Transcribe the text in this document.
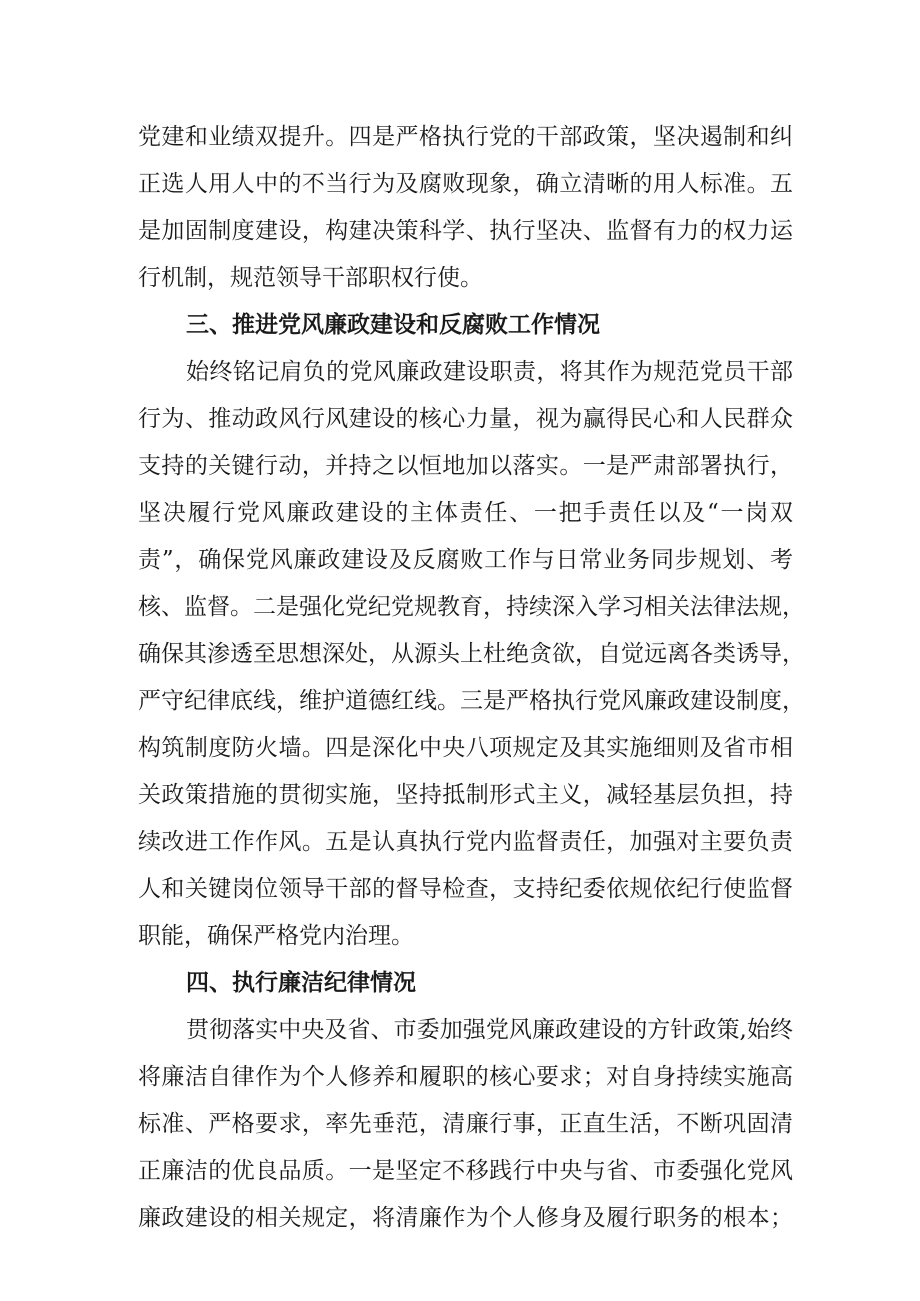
党建和业绩双提升。四是严格执行党的干部政策，坚决遏制和纠
正选人用人中的不当行为及腐败现象，确立清晰的用人标准。五
是加固制度建设，构建决策科学、执行坚决、监督有力的权力运
行机制，规范领导干部职权行使。
三、推进党风廉政建设和反腐败工作情况
始终铭记肩负的党风廉政建设职责，将其作为规范党员干部
行为、推动政风行风建设的核心力量，视为赢得民心和人民群众
支持的关键行动，并持之以恒地加以落实。一是严肃部署执行，
坚决履行党风廉政建设的主体责任、一把手责任以及“一岗双
责”，确保党风廉政建设及反腐败工作与日常业务同步规划、考
核、监督。二是强化党纪党规教育，持续深入学习相关法律法规，
确保其渗透至思想深处，从源头上杜绝贪欲，自觉远离各类诱导，
严守纪律底线，维护道德红线。三是严格执行党风廉政建设制度，
构筑制度防火墙。四是深化中央八项规定及其实施细则及省市相
关政策措施的贯彻实施，坚持抵制形式主义，减轻基层负担，持
续改进工作作风。五是认真执行党内监督责任，加强对主要负责
人和关键岗位领导干部的督导检查，支持纪委依规依纪行使监督
职能，确保严格党内治理。
四、执行廉洁纪律情况
贯彻落实中央及省、市委加强党风廉政建设的方针政策,始终
将廉洁自律作为个人修养和履职的核心要求；对自身持续实施高
标准、严格要求，率先垂范，清廉行事，正直生活，不断巩固清
正廉洁的优良品质。一是坚定不移践行中央与省、市委强化党风
廉政建设的相关规定，将清廉作为个人修身及履行职务的根本；
